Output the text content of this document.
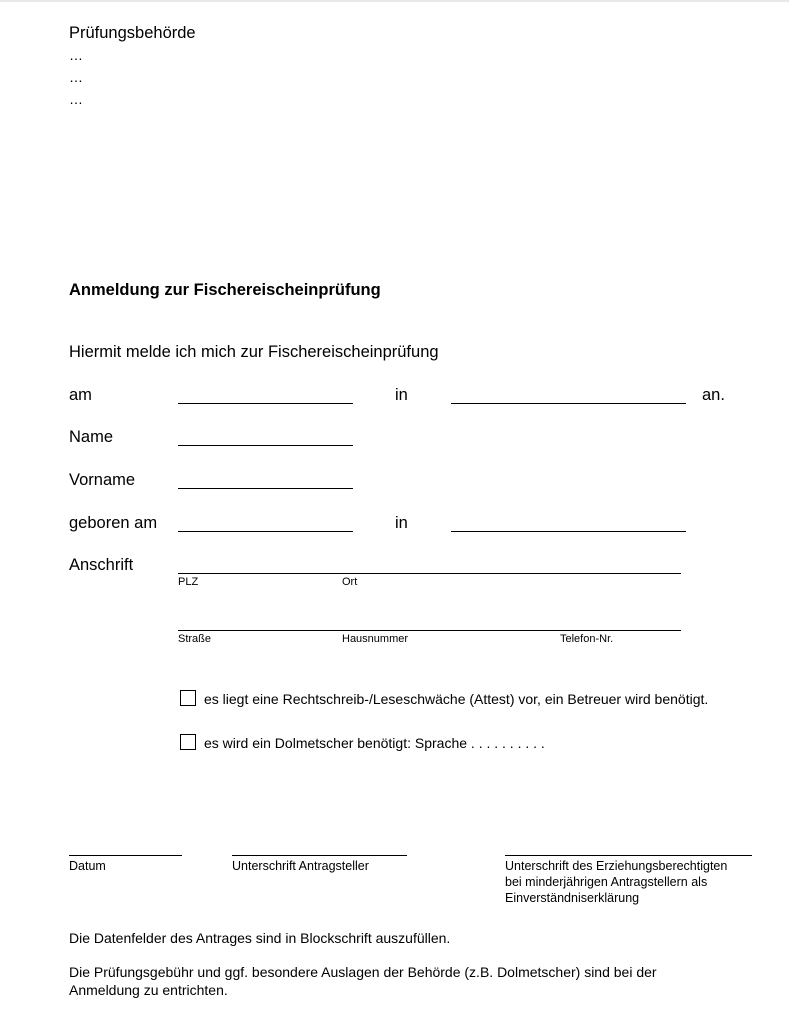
Prüfungsbehörde
…
…
…
Anmeldung zur Fischereischeinprüfung
Hiermit melde ich mich zur Fischereischeinprüfung
am	in	an.
Name
Vorname
geboren am	in
Anschrift
PLZ	Ort
Straße	Hausnummer	Telefon-Nr.
es liegt eine Rechtschreib-/Leseschwäche (Attest) vor, ein Betreuer wird benötigt.
es wird ein Dolmetscher benötigt: Sprache . . . . . . . . . .
Datum	Unterschrift Antragsteller	Unterschrift des Erziehungsberechtigten
bei minderjährigen Antragstellern als
Einverständniserklärung
Die Datenfelder des Antrages sind in Blockschrift auszufüllen.
Die Prüfungsgebühr und ggf. besondere Auslagen der Behörde (z.B. Dolmetscher) sind bei der
Anmeldung zu entrichten.
